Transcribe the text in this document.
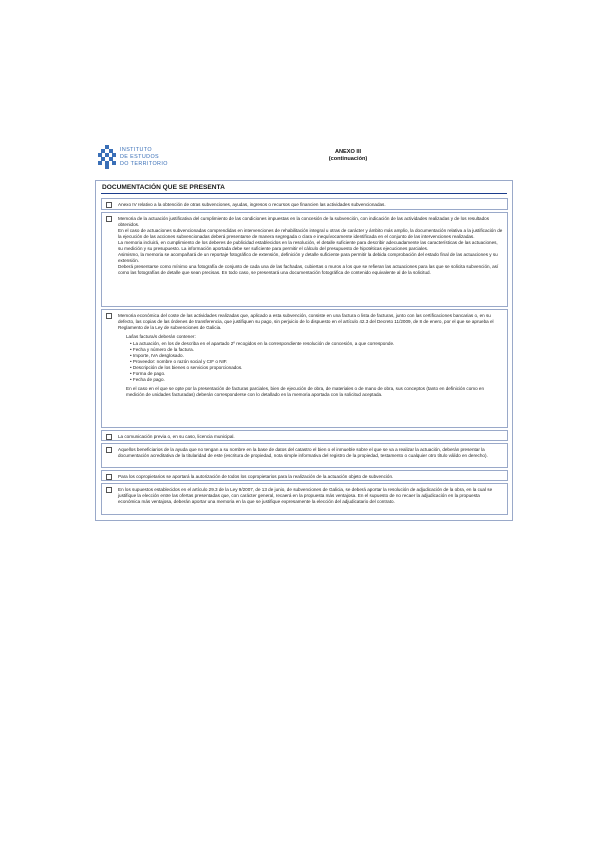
INSTITUTO
DE ESTUDOS
DO TERRITORIO
ANEXO III
(continuación)
DOCUMENTACIÓN QUE SE PRESENTA
Anexo IV relativo a la obtención de otras subvenciones, ayudas, ingresos o recursos que financien las actividades subvencionadas.

Memoria de la actuación justificativa del cumplimiento de las condiciones impuestas en la concesión de la subvención, con indicación de las actividades realizadas y de los resultados obtenidos.

En el caso de actuaciones subvencionadas comprendidas en intervenciones de rehabilitación integral u otras de carácter y ámbito más amplio, la documentación relativa a la justificación de la ejecución de las acciones subvencionadas deberá presentarse de manera segregada o clara e inequívocamente identificada en el conjunto de las intervenciones realizadas.

La memoria incluirá, en cumplimiento de los deberes de publicidad establecidos en la resolución, el detalle suficiente para describir adecuadamente las características de las actuaciones, su medición y su presupuesto. La información aportada debe ser suficiente para permitir el cálculo del presupuesto de hipotéticas ejecuciones parciales.

Asimismo, la memoria se acompañará de un reportaje fotográfico de extensión, definición y detalle suficiente para permitir la debida comprobación del estado final de las actuaciones y su extensión.

Deberá presentarse como mínimo una fotografía de conjunto de cada una de las fachadas, cubiertas o muros a los que se refieran las actuaciones para las que se solicita subvención, así como las fotografías de detalle que sean precisas. En todo caso, se presentará una documentación fotográfica de contenido equivalente al de la solicitud.

Memoria económica del coste de las actividades realizadas que, aplicado a esta subvención, consiste en una factura o lista de facturas, junto con las certificaciones bancarias o, en su defecto, las copias de las órdenes de transferencia, que justifiquen su pago, sin perjuicio de lo dispuesto en el artículo 42.3 del Decreto 11/2009, de 8 de enero, por el que se aprueba el Reglamento de la Ley de subvenciones de Galicia.

La/las factura/s deberán contener:

• La actuación, en los de describa en el apartado 2º recogidos en la correspondiente resolución de concesión, a que corresponde.
• Fecha y número de la factura.
• Importe, IVA desglosado.
• Proveedor: nombre o razón social y CIF o NIF.
• Descripción de los bienes o servicios proporcionados.
• Forma de pago.
• Fecha de pago.

En el caso en el que se opte por la presentación de facturas parciales, bien de ejecución de obra, de materiales o de mano de obra, sus conceptos (tanto en definición como en medición de unidades facturadas) deberán corresponderse con lo detallado en la memoria aportada con la solicitud aceptada.

La comunicación previa o, en su caso, licencia municipal.
Aquellos beneficiarios de la ayuda que no tengan a su nombre en la base de datos del catastro el bien o el inmueble sobre el que se va a realizar la actuación, deberán presentar la documentación acreditativa de la titularidad de este (escritura de propiedad, nota simple informativa del registro de la propiedad, testamento o cualquier otro título válido en derecho).
Para los copropietarios se aportará la autorización de todos los copropietarios para la realización de la actuación objeto de subvención.
En los supuestos establecidos en el artículo 29.3 de la Ley 9/2007, de 13 de junio, de subvenciones de Galicia, se deberá aportar la resolución de adjudicación de la obra, en la cual se justifique la elección entre las ofertas presentadas que, con carácter general, recaerá en la propuesta más ventajosa. En el supuesto de no recaer la adjudicación en la propuesta económica más ventajosa, deberán aportar una memoria en la que se justifique expresamente la elección del adjudicatario del contrato.
